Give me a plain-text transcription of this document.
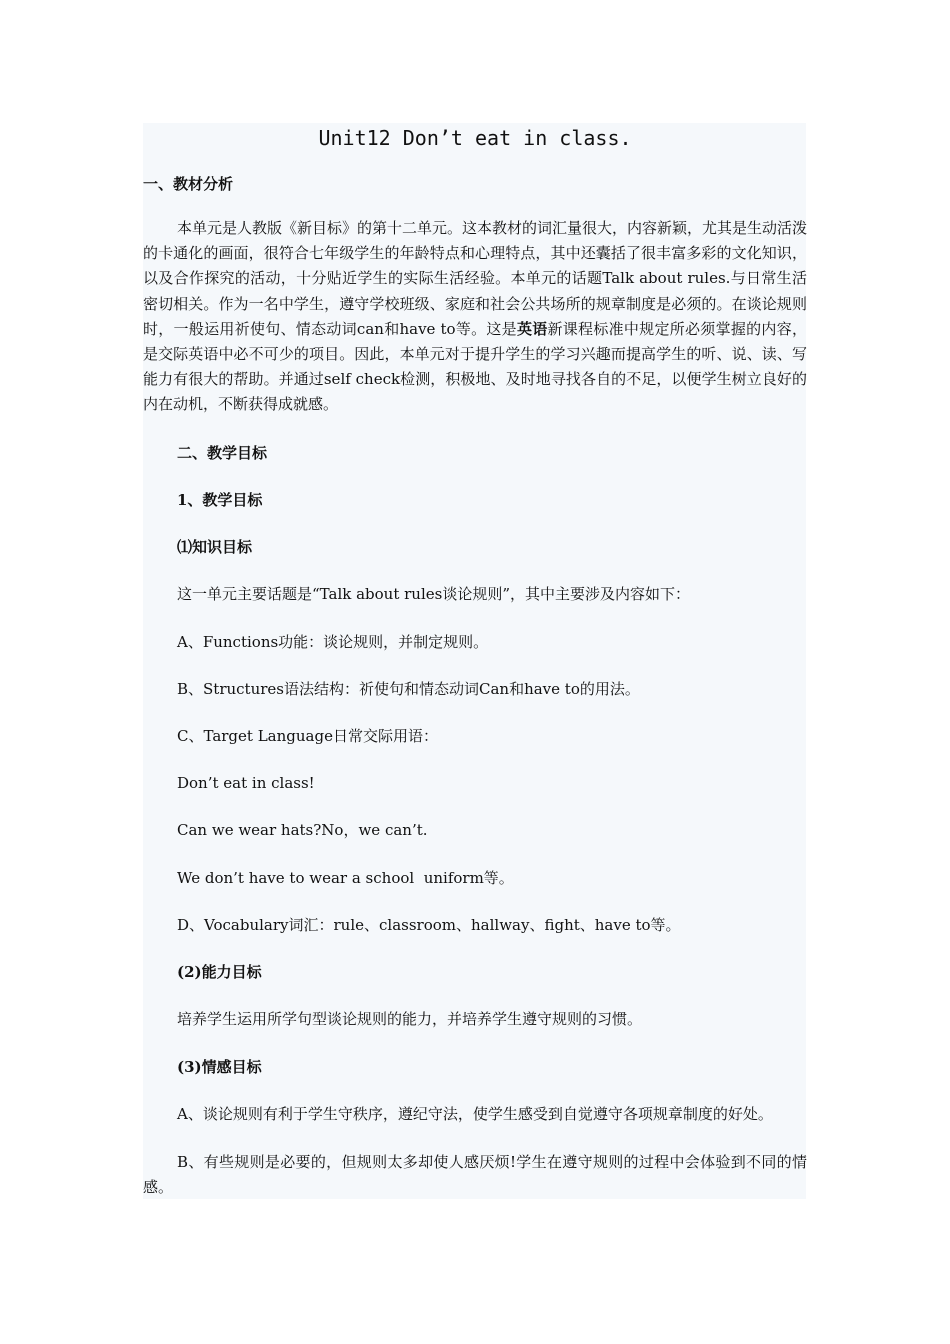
Unit12 Don’t eat in class.
一、教材分析
本单元是人教版《新目标》的第十二单元。这本教材的词汇量很大，内容新颖，尤其是生动活泼的卡通化的画面，很符合七年级学生的年龄特点和心理特点，其中还囊括了很丰富多彩的文化知识，以及合作探究的活动，十分贴近学生的实际生活经验。本单元的话题Talk about rules.与日常生活密切相关。作为一名中学生，遵守学校班级、家庭和社会公共场所的规章制度是必须的。在谈论规则时，一般运用祈使句、情态动词can和have to等。这是英语新课程标准中规定所必须掌握的内容，是交际英语中必不可少的项目。因此，本单元对于提升学生的学习兴趣而提高学生的听、说、读、写能力有很大的帮助。并通过self check检测，积极地、及时地寻找各自的不足，以便学生树立良好的内在动机，不断获得成就感。
二、教学目标
1、教学目标
⑴知识目标
这一单元主要话题是“Talk about rules谈论规则”，其中主要涉及内容如下：
A、Functions功能：谈论规则，并制定规则。
B、Structures语法结构：祈使句和情态动词Can和have to的用法。
C、Target Language日常交际用语：
Don’t eat in class!
Can we wear hats?No，we can’t.
We don’t have to wear a school  uniform等。
D、Vocabulary词汇：rule、classroom、hallway、fight、have to等。
(2)能力目标
培养学生运用所学句型谈论规则的能力，并培养学生遵守规则的习惯。
(3)情感目标
A、谈论规则有利于学生守秩序，遵纪守法，使学生感受到自觉遵守各项规章制度的好处。
B、有些规则是必要的，但规则太多却使人感厌烦!学生在遵守规则的过程中会体验到不同的情感。
